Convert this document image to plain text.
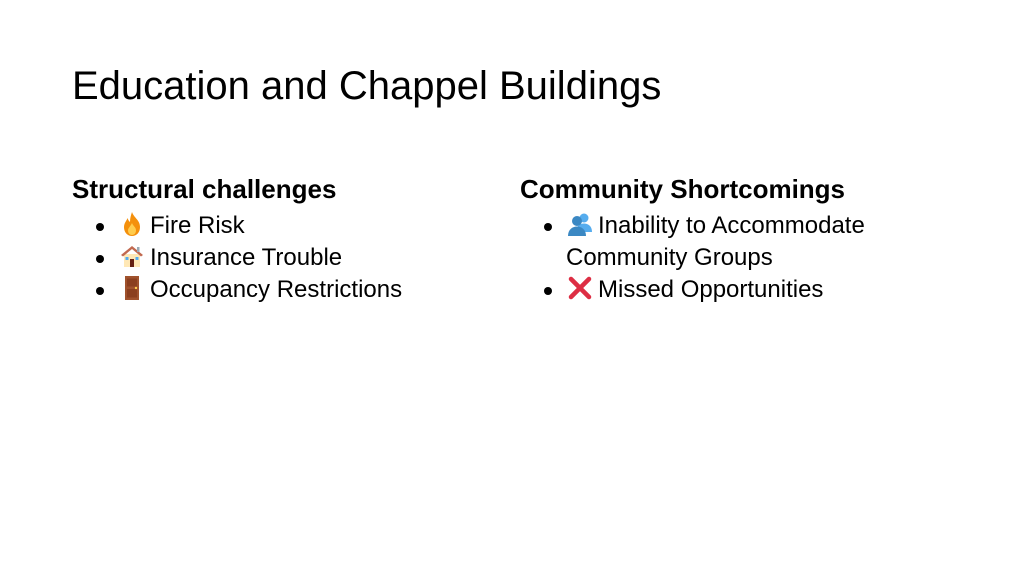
Education and Chappel Buildings
Structural challenges
Fire Risk
Insurance Trouble
Occupancy Restrictions
Community Shortcomings
Inability to Accommodate Community Groups
Missed Opportunities
